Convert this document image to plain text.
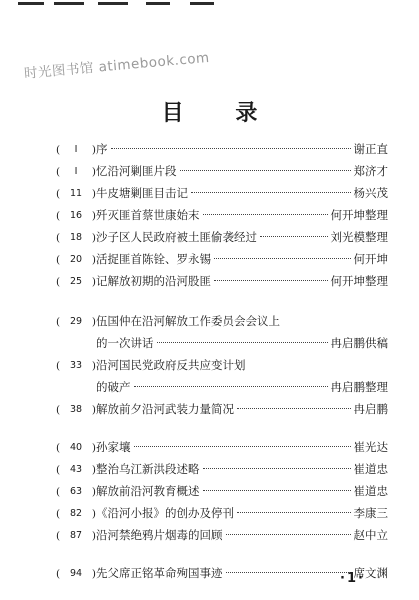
时光图书馆 atimebook.com
目 录
(	Ⅰ	) 序	谢正直
(	Ⅰ	) 忆沿河剿匪片段	郑济才
(	11 ) 牛皮塘剿匪目击记	杨兴茂
(	16 ) 歼灭匪首蔡世康始末	何开坤整理
(	18 ) 沙子区人民政府被土匪偷袭经过	刘光模整理
(	20 ) 活捉匪首陈铨、罗永锡	何开坤
(	25 ) 记解放初期的沿河股匪	何开坤整理
(	29 ) 伍国仲在沿河解放工作委员会会议上
的一次讲话	冉启鹏供稿
(	33 ) 沿河国民党政府反共应变计划
的破产	冉启鹏整理
(	38 ) 解放前夕沿河武装力量简况	冉启鹏
(	40 ) 孙家壤	崔光达
(	43 ) 整治乌江新洪段述略	崔道忠
(	63 ) 解放前沿河教育概述	崔道忠
(	82 ) 《沿河小报》的创办及停刊	李康三
(	87 ) 沿河禁绝鸦片烟毒的回顾	赵中立
(	94 ) 先父席正铭革命殉国事迹	席文渊
·1·
